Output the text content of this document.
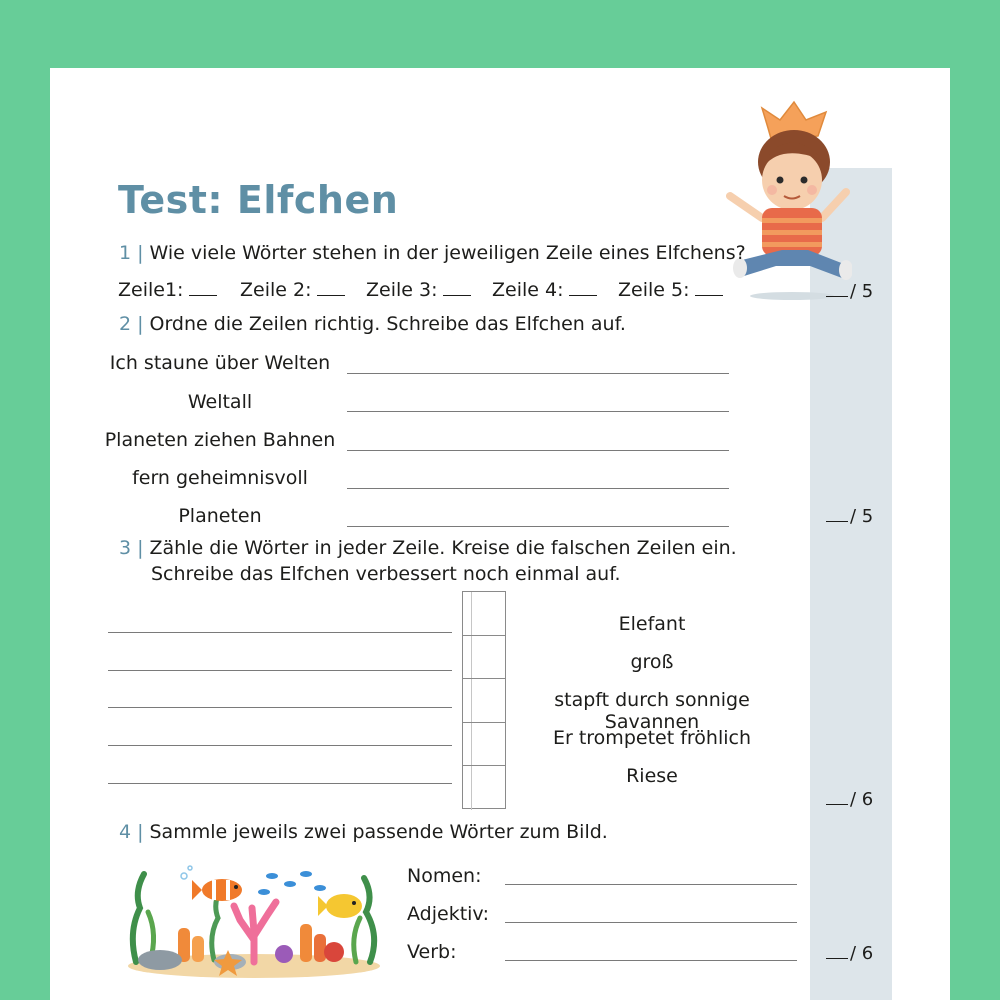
Test: Elfchen
1 | Wie viele Wörter stehen in der jeweiligen Zeile eines Elfchens?
Zeile1:	Zeile 2:	Zeile 3:	Zeile 4:	Zeile 5:	/ 5
2 | Ordne die Zeilen richtig. Schreibe das Elfchen auf.
Ich staune über Welten
Weltall
Planeten ziehen Bahnen
fern geheimnisvoll
Planeten	/ 5
3 | Zähle die Wörter in jeder Zeile. Kreise die falschen Zeilen ein.
Schreibe das Elfchen verbessert noch einmal auf.
Elefant
groß
stapft durch sonnige Savannen
Er trompetet fröhlich
Riese
/ 6
4 | Sammle jeweils zwei passende Wörter zum Bild.
Nomen:
Adjektiv:
Verb:	/ 6
